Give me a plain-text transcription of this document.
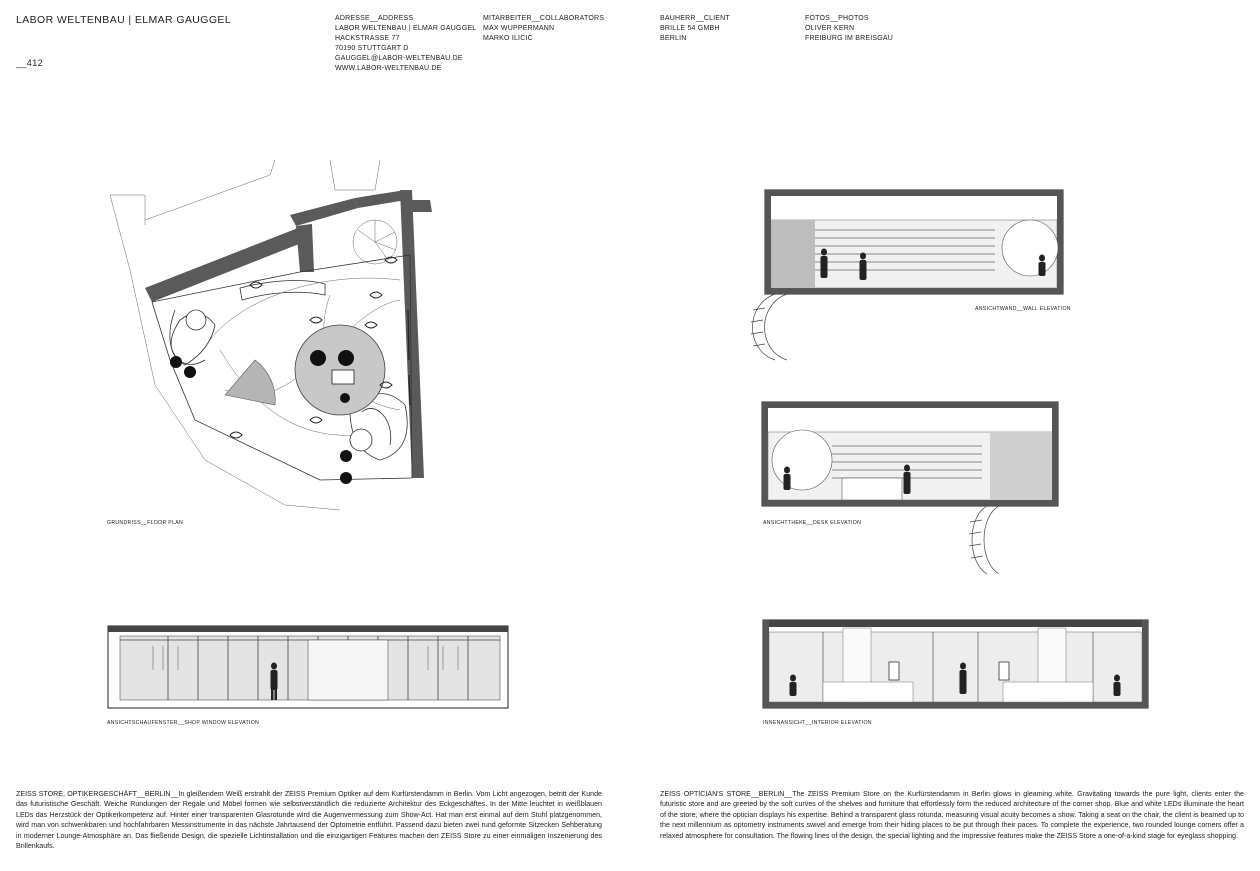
LABOR WELTENBAU | ELMAR GAUGGEL
__412
ADRESSE__ADDRESS
LABOR WELTENBAU | ELMAR GAUGGEL
HACKSTRASSE 77
70190 STUTTGART D
GAUGGEL@LABOR-WELTENBAU.DE
WWW.LABOR-WELTENBAU.DE
MITARBEITER__COLLABORATORS
MAX WUPPERMANN
MARKO ILICIC
BAUHERR__CLIENT
BRILLE 54 GMBH
BERLIN
FOTOS__PHOTOS
OLIVER KERN
FREIBURG IM BREISGAU
GRUNDRISS__FLOOR PLAN
ANSICHTSCHAUFENSTER__SHOP WINDOW ELEVATION
ANSICHTWAND__WALL ELEVATION
ANSICHTTHEKE__DESK ELEVATION
INNENANSICHT__INTERIOR ELEVATION
ZEISS STORE, OPTIKERGESCHÄFT__BERLIN__In gleißendem Weiß erstrahlt der ZEISS Premium Optiker auf dem Kurfürstendamm in Berlin. Vom Licht angezogen, betritt der Kunde das futuristische Geschäft. Weiche Rundungen der Regale und Möbel formen wie selbstverständlich die reduzierte Architektur des Eckgeschäftes. In der Mitte leuchtet in weißblauen LEDs das Herzstück der Optikerkompetenz auf. Hinter einer transparenten Glasrotunde wird die Augenvermessung zum Show-Act. Hat man erst einmal auf dem Stuhl platzgenommen, wird man von schwenkbaren und hochfahrbaren Messinstrumente in das nächste Jahrtausend der Optometrie entführt. Passend dazu bieten zwei rund geformte Sitzecken Sehberatung in moderner Lounge-Atmosphäre an. Das fließende Design, die spezielle Lichtinstallation und die einzigartigen Features machen den ZEISS Store zu einer einmaligen Inszenierung des Brillenkaufs.
ZEISS OPTICIAN'S STORE__BERLIN__The ZEISS Premium Store on the Kurfürstendamm in Berlin glows in gleaming white. Gravitating towards the pure light, clients enter the futuristic store and are greeted by the soft curves of the shelves and furniture that effortlessly form the reduced architecture of the corner shop. Blue and white LEDs illuminate the heart of the store, where the optician displays his expertise. Behind a transparent glass rotunda, measuring visual acuity becomes a show. Taking a seat on the chair, the client is beamed up to the next millennium as optometry instruments swivel and emerge from their hiding places to be put through their paces. To complete the experience, two rounded lounge corners offer a relaxed atmosphere for consultation. The flowing lines of the design, the special lighting and the impressive features make the ZEISS Store a one-of-a-kind stage for eyeglass shopping.
